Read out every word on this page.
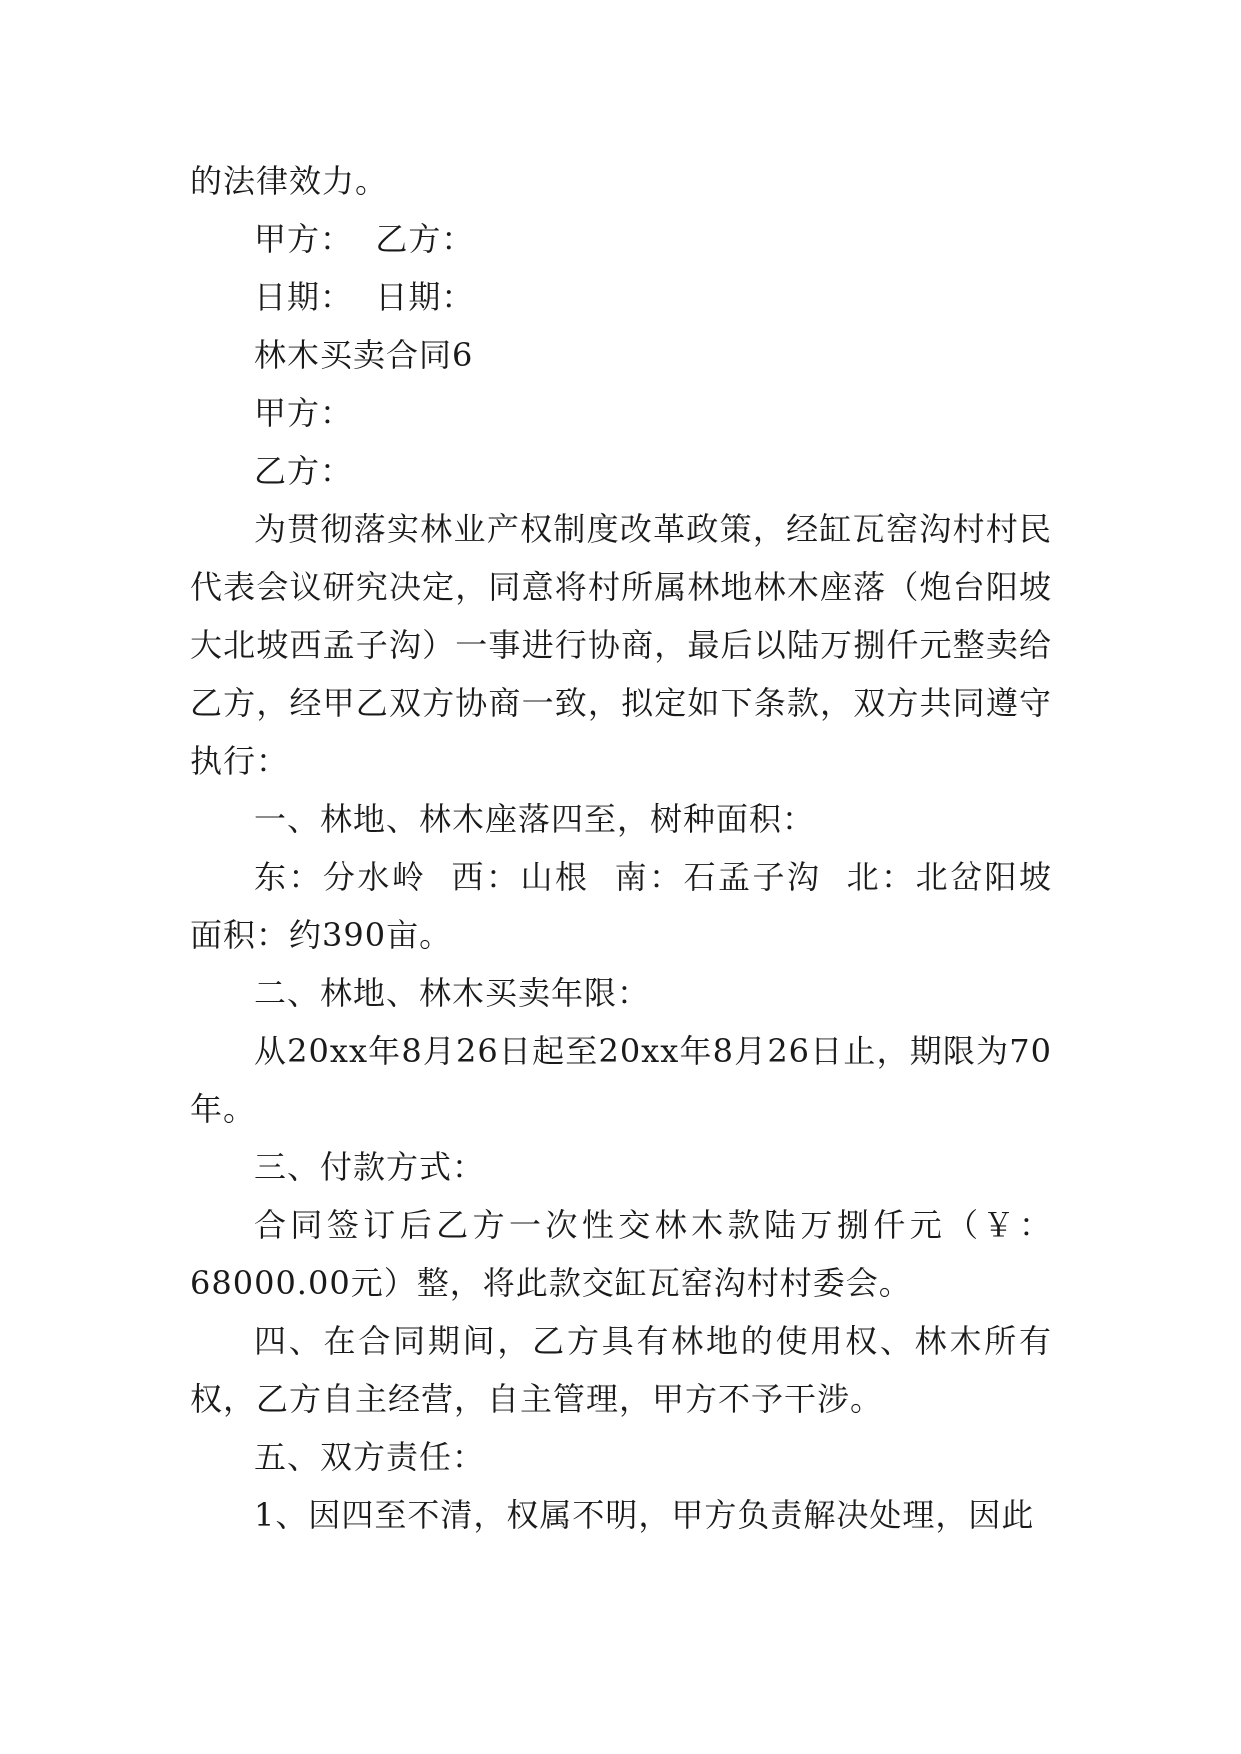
的法律效力。

甲方：  乙方：

日期：  日期：

林木买卖合同6

甲方：

乙方：

为贯彻落实林业产权制度改革政策，经缸瓦窑沟村村民代表会议研究决定，同意将村所属林地林木座落（炮台阳坡大北坡西孟子沟）一事进行协商，最后以陆万捌仟元整卖给乙方，经甲乙双方协商一致，拟定如下条款，双方共同遵守执行：

一、林地、林木座落四至，树种面积：

东：分水岭  西：山根  南：石孟子沟  北：北岔阳坡  面积：约390亩。

二、林地、林木买卖年限：

从20xx年8月26日起至20xx年8月26日止，期限为70年。

三、付款方式：

合同签订后乙方一次性交林木款陆万捌仟元（￥：68000.00元）整，将此款交缸瓦窑沟村村委会。

四、在合同期间，乙方具有林地的使用权、林木所有权，乙方自主经营，自主管理，甲方不予干涉。

五、双方责任：

1、因四至不清，权属不明，甲方负责解决处理，因此
